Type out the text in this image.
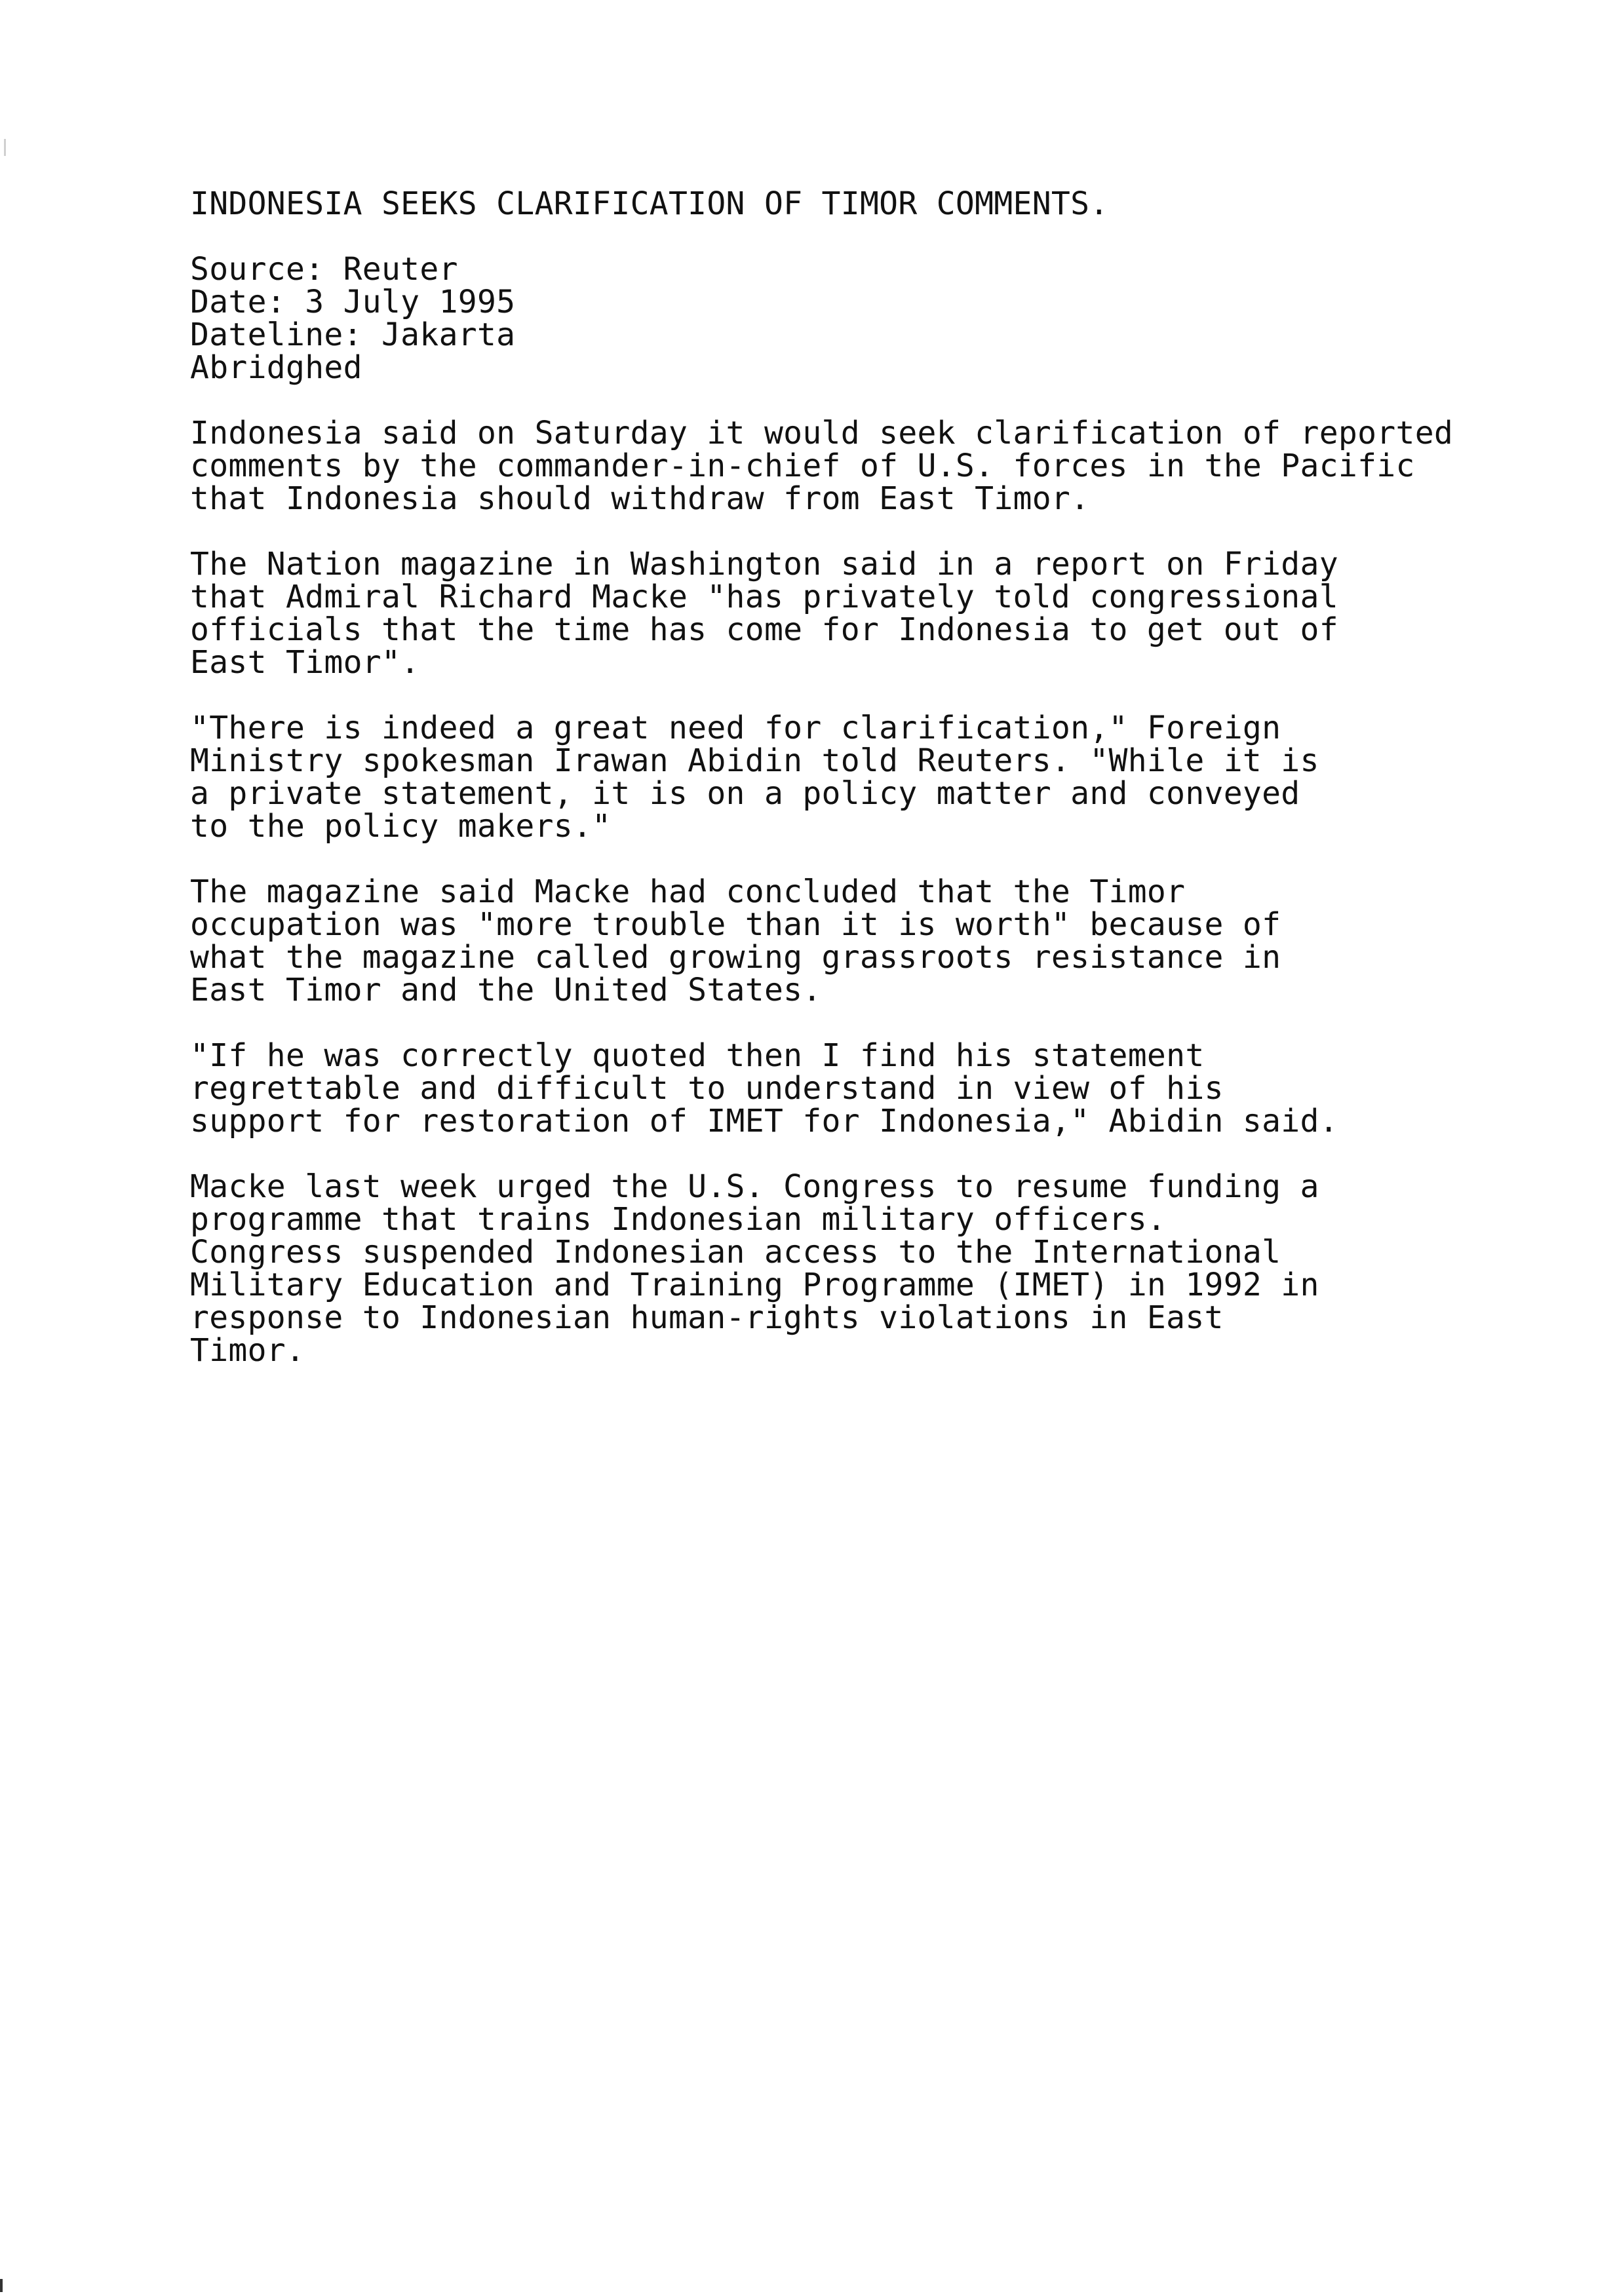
INDONESIA SEEKS CLARIFICATION OF TIMOR COMMENTS.
Source: Reuter
Date: 3 July 1995
Dateline: Jakarta
Abridghed
Indonesia said on Saturday it would seek clarification of reported
comments by the commander-in-chief of U.S. forces in the Pacific
that Indonesia should withdraw from East Timor.
The Nation magazine in Washington said in a report on Friday
that Admiral Richard Macke "has privately told congressional
officials that the time has come for Indonesia to get out of
East Timor".
"There is indeed a great need for clarification," Foreign
Ministry spokesman Irawan Abidin told Reuters. "While it is
a private statement, it is on a policy matter and conveyed
to the policy makers."
The magazine said Macke had concluded that the Timor
occupation was "more trouble than it is worth" because of
what the magazine called growing grassroots resistance in
East Timor and the United States.
"If he was correctly quoted then I find his statement
regrettable and difficult to understand in view of his
support for restoration of IMET for Indonesia," Abidin said.
Macke last week urged the U.S. Congress to resume funding a
programme that trains Indonesian military officers.
Congress suspended Indonesian access to the International
Military Education and Training Programme (IMET) in 1992 in
response to Indonesian human-rights violations in East
Timor.
